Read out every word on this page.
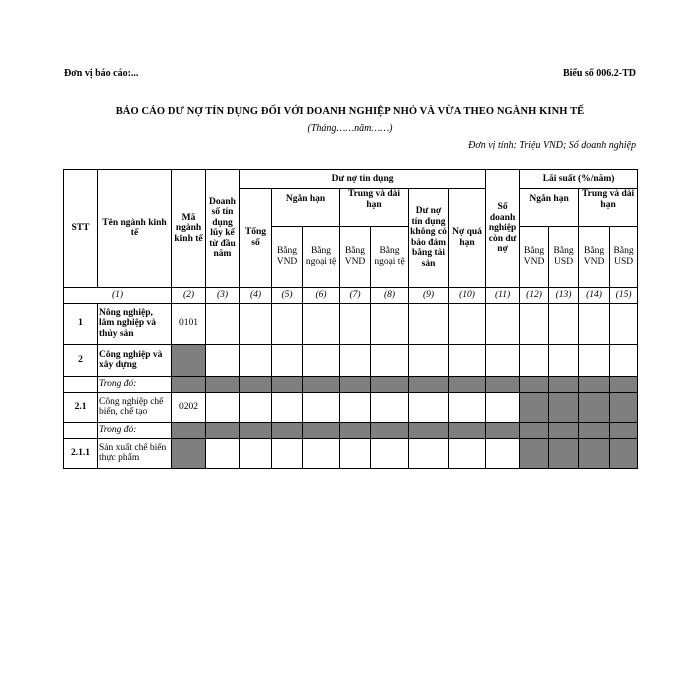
Đơn vị báo cáo:...	Biểu số 006.2-TD
BÁO CÁO DƯ NỢ TÍN DỤNG ĐỐI VỚI DOANH NGHIỆP NHỎ VÀ VỪA THEO NGÀNH KINH TẾ
(Tháng……năm……)
Đơn vị tính: Triệu VND; Số doanh nghiệp
STT	Tên ngành kinh tế	Mã ngành kinh tế	Doanh số tín dụng lũy kế từ đầu năm	Dư nợ tín dụng							Số doanh nghiệp còn dư nợ	Lãi suất (%/năm)				
				Tổng số	Ngắn hạn		Trung và dài hạn		Dư nợ tín dụng không có bảo đảm bằng tài sản	Nợ quá hạn		Ngắn hạn		Trung và dài hạn		

					Bằng VND	Bằng ngoại tệ	Bằng VND	Bằng ngoại tệ				Bằng VND	Bằng USD	Bằng VND	Bằng USD	
(1)		(2)	(3)	(4)	(5)	(6)	(7)	(8)	(9)	(10)	(11)	(12)	(13)	(14)	(15)	
1	Nông nghiệp, lâm nghiệp và thủy sản	0101														
2	Công nghiệp và xây dựng															
	Trong đó:															
2.1	Công nghiệp chế biến, chế tạo	0202														
	Trong đó:															
2.1.1	Sản xuất chế biến thực phẩm															
